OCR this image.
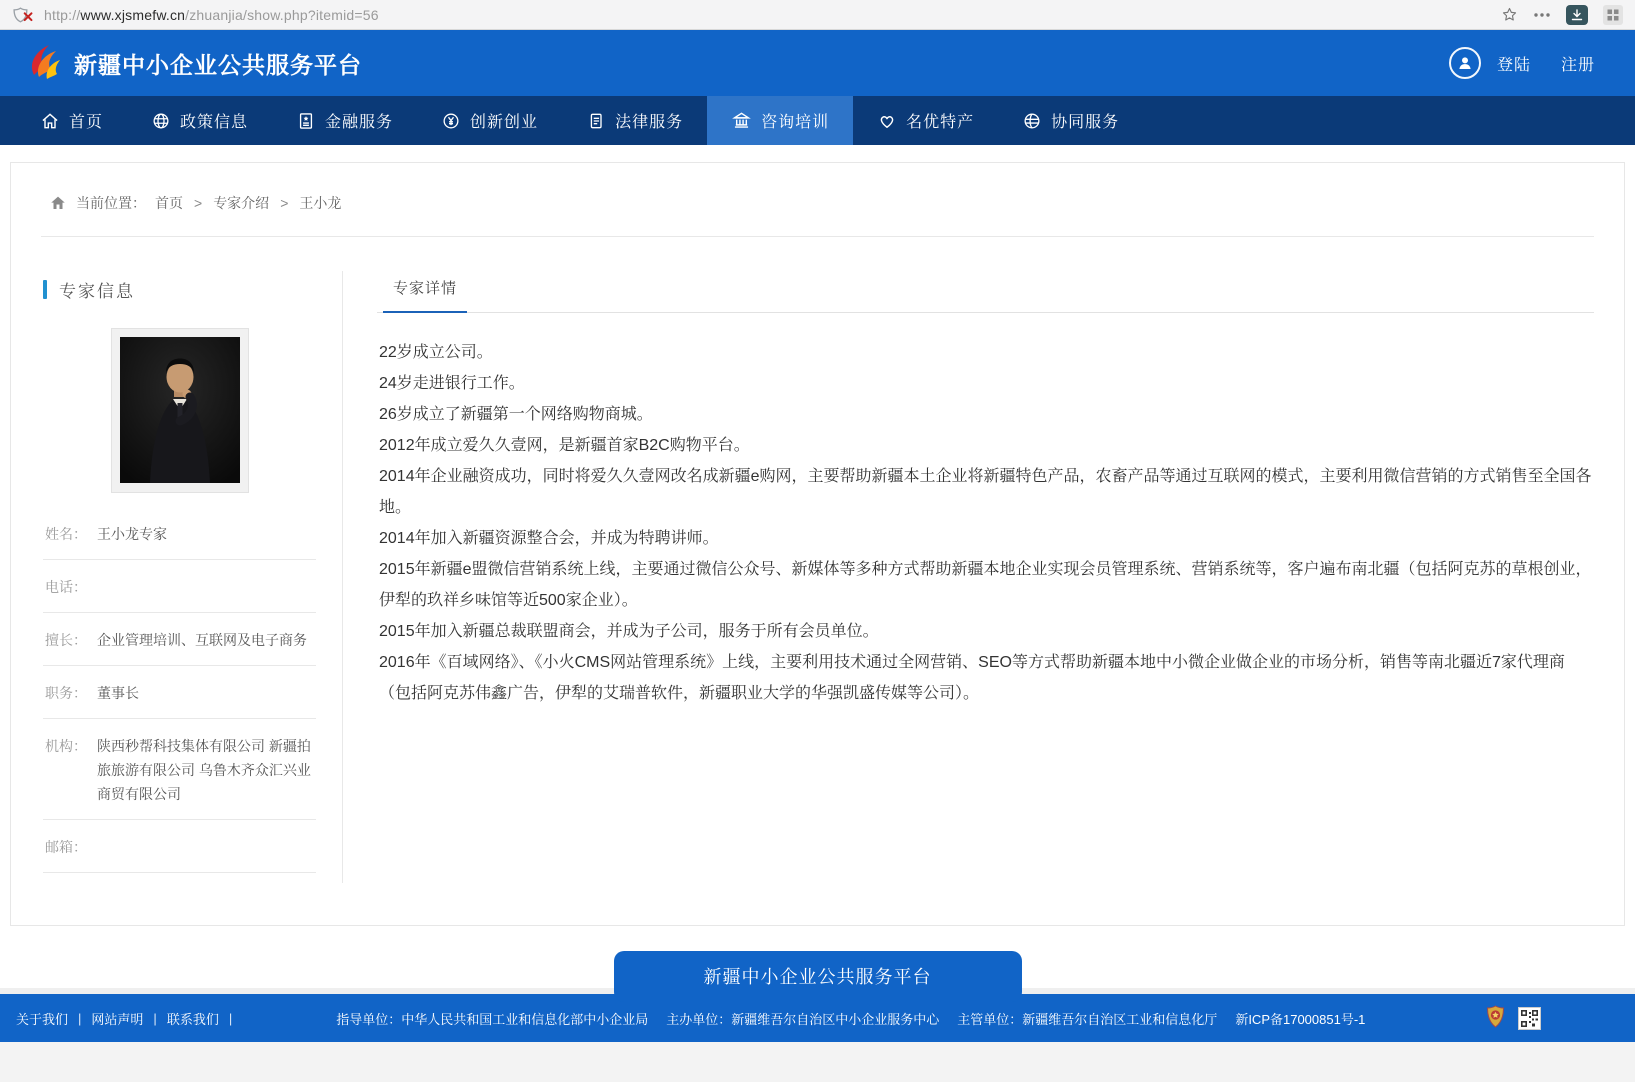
http://www.xjsmefw.cn/zhuanjia/show.php?itemid=56
新疆中小企业公共服务平台	登陆 注册
首页	政策信息	金融服务	创新创业	法律服务	咨询培训	名优特产	协同服务
当前位置： 首页 > 专家介绍 > 王小龙
专家信息
姓名： 王小龙专家
电话：
擅长： 企业管理培训、互联网及电子商务
职务： 董事长
机构： 陕西秒帮科技集体有限公司 新疆拍旅旅游有限公司 乌鲁木齐众汇兴业商贸有限公司
邮箱：
专家详情

22岁成立公司。

24岁走进银行工作。

26岁成立了新疆第一个网络购物商城。

2012年成立爱久久壹网，是新疆首家B2C购物平台。

2014年企业融资成功，同时将爱久久壹网改名成新疆e购网，主要帮助新疆本土企业将新疆特色产品，农畜产品等通过互联网的模式，主要利用微信营销的方式销售至全国各地。

2014年加入新疆资源整合会，并成为特聘讲师。

2015年新疆e盟微信营销系统上线，主要通过微信公众号、新媒体等多种方式帮助新疆本地企业实现会员管理系统、营销系统等，客户遍布南北疆（包括阿克苏的草根创业，伊犁的玖祥乡味馆等近500家企业）。

2015年加入新疆总裁联盟商会，并成为子公司，服务于所有会员单位。

2016年《百域网络》、《小火CMS网站管理系统》上线，主要利用技术通过全网营销、SEO等方式帮助新疆本地中小微企业做企业的市场分析，销售等南北疆近7家代理商（包括阿克苏伟鑫广告，伊犁的艾瑞普软件，新疆职业大学的华强凯盛传媒等公司）。

新疆中小企业公共服务平台
关于我们 | 网站声明 | 联系我们 |	指导单位：中华人民共和国工业和信息化部中小企业局 主办单位：新疆维吾尔自治区中小企业服务中心 主管单位：新疆维吾尔自治区工业和信息化厅 新ICP备17000851号-1
